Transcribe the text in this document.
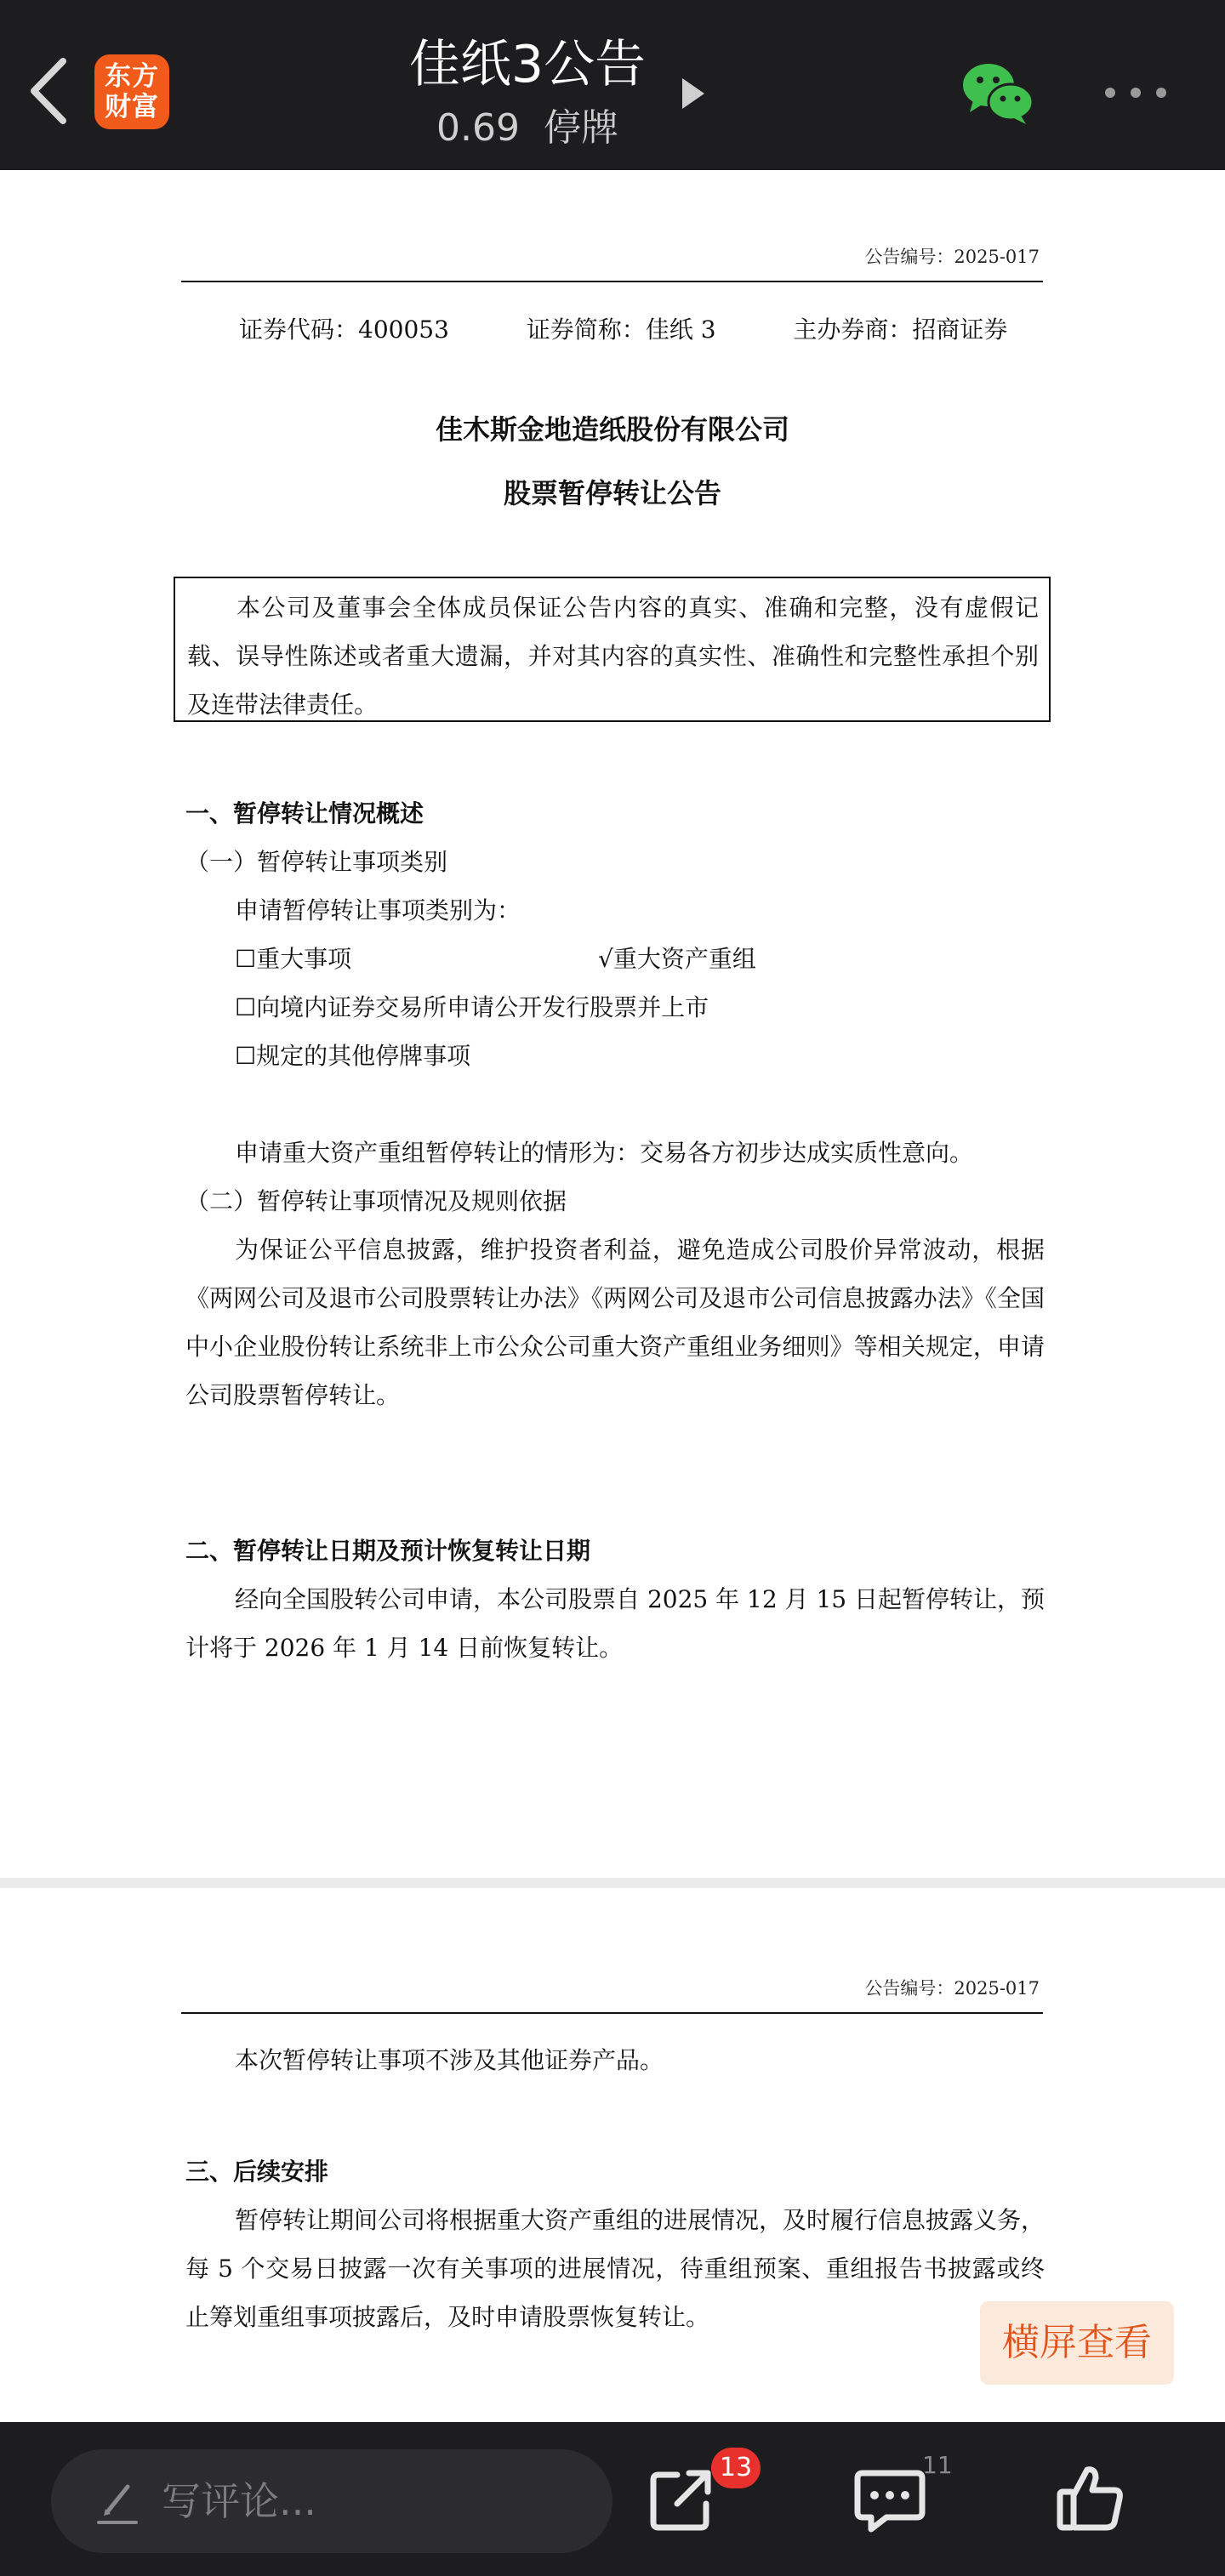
东方
财富
佳纸3公告
0.69 停牌
公告编号：2025-017
证券代码：400053	证券简称：佳纸 3	主办券商：招商证券
佳木斯金地造纸股份有限公司
股票暂停转让公告
本公司及董事会全体成员保证公告内容的真实、准确和完整，没有虚假记载、误导性陈述或者重大遗漏，并对其内容的真实性、准确性和完整性承担个别及连带法律责任。
一、暂停转让情况概述
（一）暂停转让事项类别
申请暂停转让事项类别为：
☐重大事项	√重大资产重组
☐向境内证券交易所申请公开发行股票并上市
☐规定的其他停牌事项
申请重大资产重组暂停转让的情形为：交易各方初步达成实质性意向。
（二）暂停转让事项情况及规则依据
为保证公平信息披露，维护投资者利益，避免造成公司股价异常波动，根据《两网公司及退市公司股票转让办法》《两网公司及退市公司信息披露办法》《全国中小企业股份转让系统非上市公众公司重大资产重组业务细则》等相关规定，申请公司股票暂停转让。
二、暂停转让日期及预计恢复转让日期
经向全国股转公司申请，本公司股票自 2025 年 12 月 15 日起暂停转让，预计将于 2026 年 1 月 14 日前恢复转让。
公告编号：2025-017
本次暂停转让事项不涉及其他证券产品。
三、后续安排
暂停转让期间公司将根据重大资产重组的进展情况，及时履行信息披露义务，每 5 个交易日披露一次有关事项的进展情况，待重组预案、重组报告书披露或终止筹划重组事项披露后，及时申请股票恢复转让。
横屏查看
写评论...
13	11
